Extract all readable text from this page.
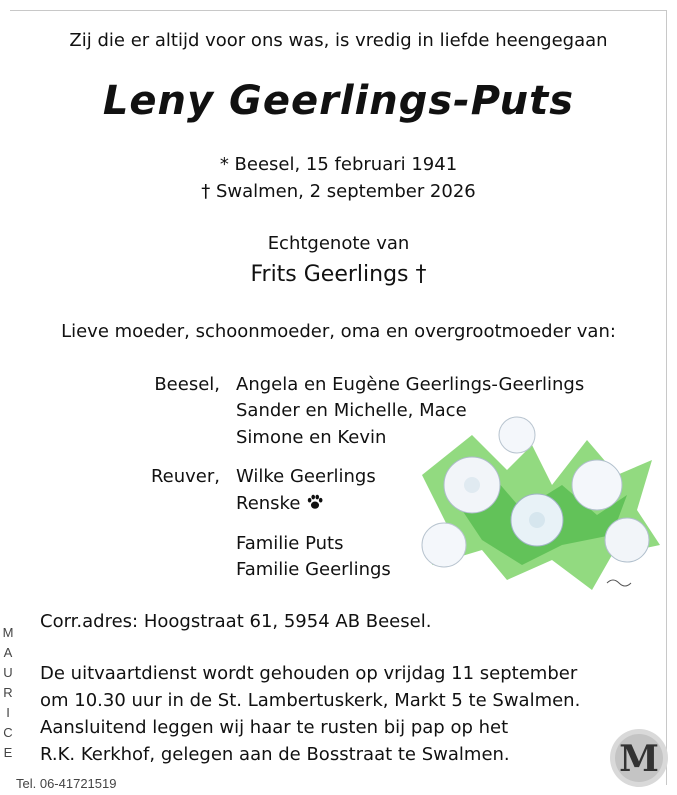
Zij die er altijd voor ons was, is vredig in liefde heengegaan
Leny Geerlings-Puts
* Beesel, 15 februari 1941
† Swalmen, 2 september 2026
Echtgenote van
Frits Geerlings †
Lieve moeder, schoonmoeder, oma en overgrootmoeder van:
Beesel, Angela en Eugène Geerlings-Geerlings
Sander en Michelle, Mace
Simone en Kevin
Reuver, Wilke Geerlings
Renske
Familie Puts
Familie Geerlings
Corr.adres: Hoogstraat 61, 5954 AB Beesel.
De uitvaartdienst wordt gehouden op vrijdag 11 september
om 10.30 uur in de St. Lambertuskerk, Markt 5 te Swalmen.
Aansluitend leggen wij haar te rusten bij pap op het
R.K. Kerkhof, gelegen aan de Bosstraat te Swalmen.
M
A
U
R
I
C
E
Tel. 06-41721519
M
